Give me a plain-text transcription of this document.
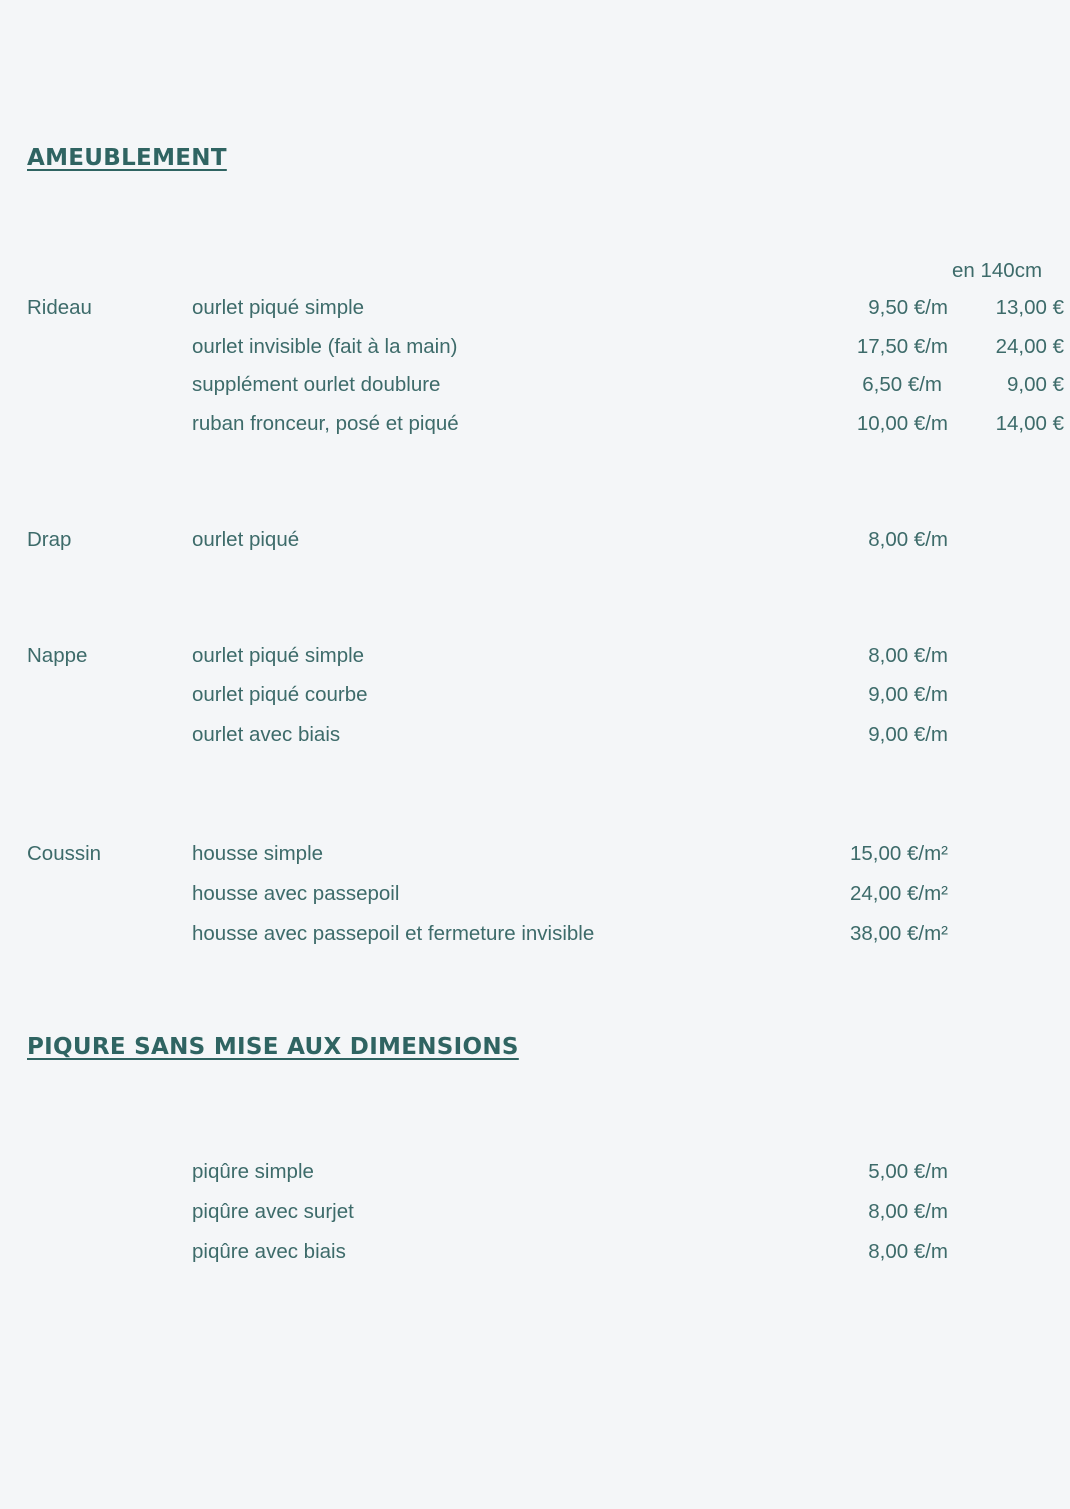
AMEUBLEMENT
en 140cm
Rideau	ourlet piqué simple	9,50 €/m 13,00 €
ourlet invisible (fait à la main)	17,50 €/m 24,00 €
supplément ourlet doublure	6,50 €/m	9,00 €
ruban fronceur, posé et piqué	10,00 €/m 14,00 €
Drap	ourlet piqué	8,00 €/m
Nappe	ourlet piqué simple	8,00 €/m
ourlet piqué courbe	9,00 €/m
ourlet avec biais	9,00 €/m
Coussin	housse simple	15,00 €/m²
housse avec passepoil	24,00 €/m²
housse avec passepoil et fermeture invisible	38,00 €/m²
PIQURE SANS MISE AUX DIMENSIONS
piqûre simple	5,00 €/m
piqûre avec surjet	8,00 €/m
piqûre avec biais	8,00 €/m
